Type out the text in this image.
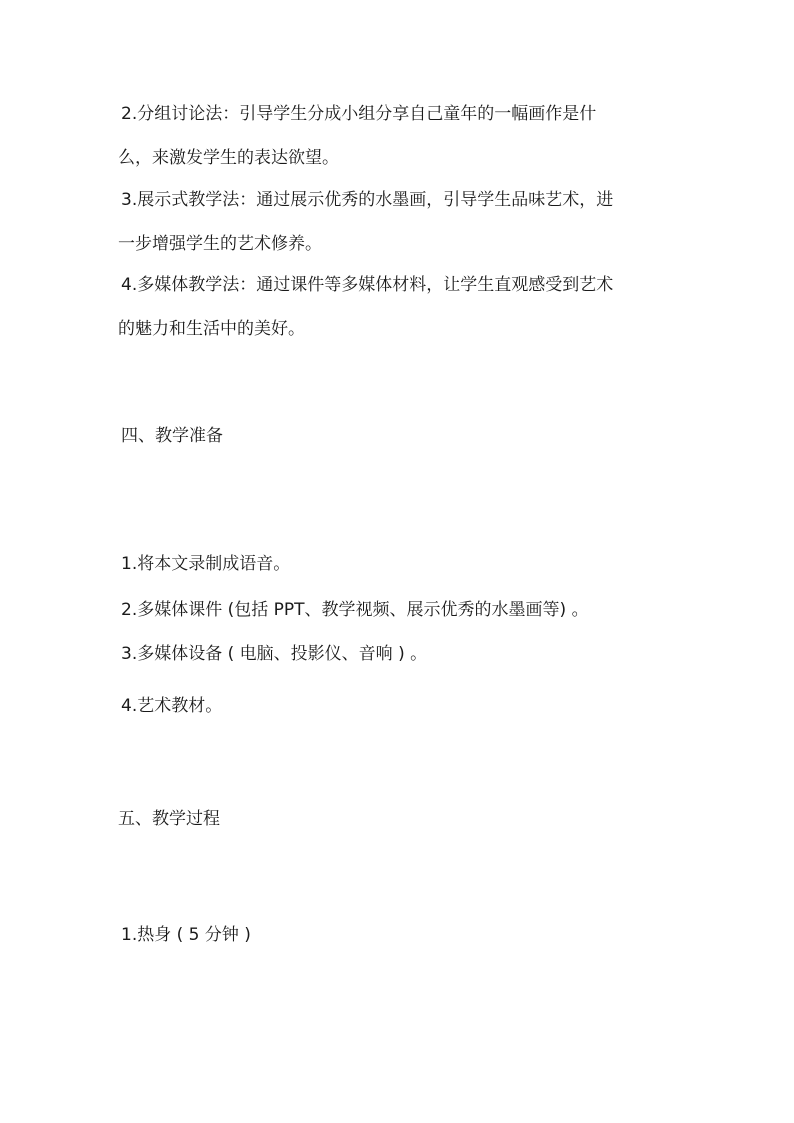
2.分组讨论法：引导学生分成小组分享自己童年的一幅画作是什
么，来激发学生的表达欲望。
3.展示式教学法：通过展示优秀的水墨画，引导学生品味艺术，进
一步增强学生的艺术修养。
4.多媒体教学法：通过课件等多媒体材料，让学生直观感受到艺术
的魅力和生活中的美好。
四、教学准备
1.将本文录制成语音。
2.多媒体课件 (包括 PPT、教学视频、展示优秀的水墨画等) 。
3.多媒体设备 ( 电脑、投影仪、音响 ) 。
4.艺术教材。
五、教学过程
1.热身 ( 5 分钟 )
